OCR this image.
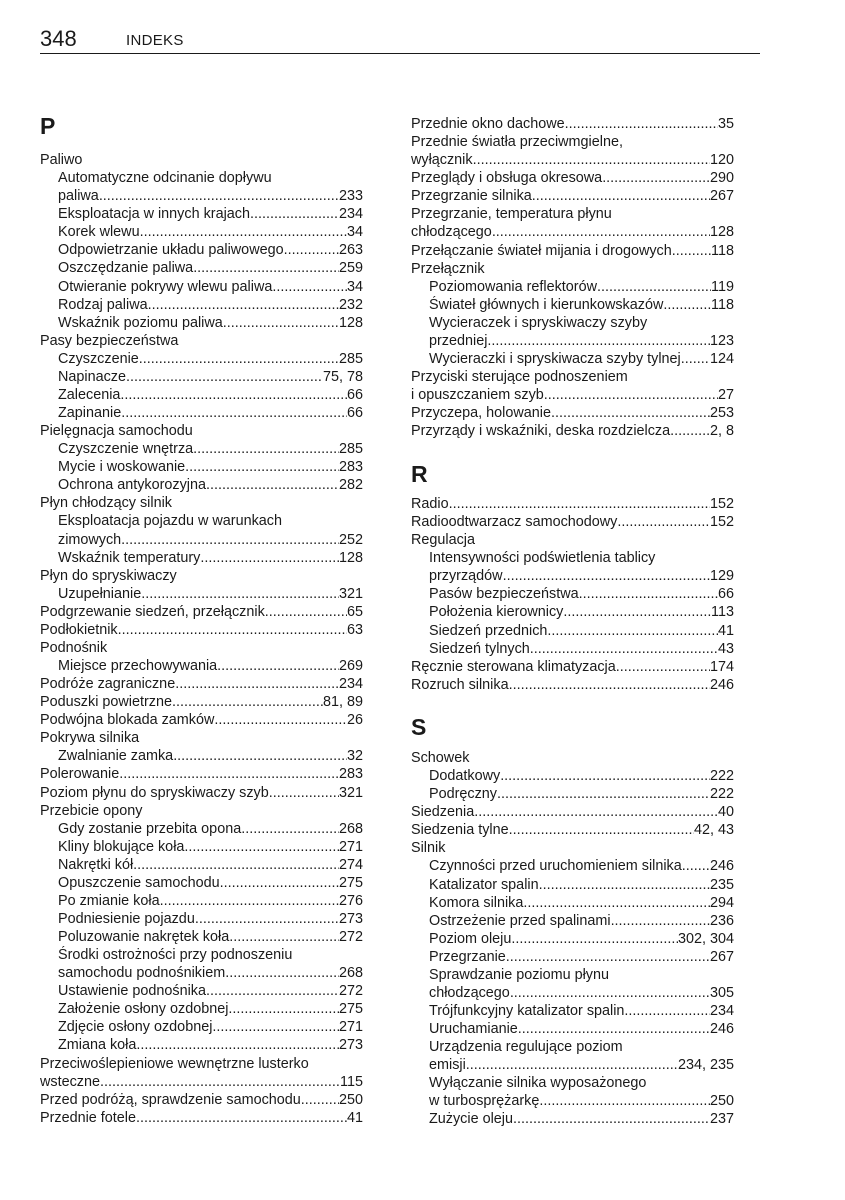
348	INDEKS
P
Paliwo
Automatyczne odcinanie dopływu
paliwa .....	233
Eksploatacja w innych krajach .....	234
Korek wlewu .....	34
Odpowietrzanie układu paliwowego .....	263
Oszczędzanie paliwa .....	259
Otwieranie pokrywy wlewu paliwa .....	34
Rodzaj paliwa .....	232
Wskaźnik poziomu paliwa .....	128
Pasy bezpieczeństwa
Czyszczenie .....	285
Napinacze .....	75, 78
Zalecenia .....	66
Zapinanie .....	66
Pielęgnacja samochodu
Czyszczenie wnętrza .....	285
Mycie i woskowanie .....	283
Ochrona antykorozyjna .....	282
Płyn chłodzący silnik
Eksploatacja pojazdu w warunkach
zimowych .....	252
Wskaźnik temperatury .....	128
Płyn do spryskiwaczy
Uzupełnianie .....	321
Podgrzewanie siedzeń, przełącznik .....	65
Podłokietnik .....	63
Podnośnik
Miejsce przechowywania .....	269
Podróże zagraniczne .....	234
Poduszki powietrzne .....	81, 89
Podwójna blokada zamków .....	26
Pokrywa silnika
Zwalnianie zamka .....	32
Polerowanie .....	283
Poziom płynu do spryskiwaczy szyb .....	321
Przebicie opony
Gdy zostanie przebita opona .....	268
Kliny blokujące koła .....	271
Nakrętki kół .....	274
Opuszczenie samochodu .....	275
Po zmianie koła .....	276
Podniesienie pojazdu .....	273
Poluzowanie nakrętek koła .....	272
Środki ostrożności przy podnoszeniu
samochodu podnośnikiem .....	268
Ustawienie podnośnika .....	272
Założenie osłony ozdobnej .....	275
Zdjęcie osłony ozdobnej .....	271
Zmiana koła .....	273
Przeciwoślepieniowe wewnętrzne lusterko
wsteczne .....	115
Przed podróżą, sprawdzenie samochodu .....	250
Przednie fotele .....	41
R
S
Przednie okno dachowe .....	35
Przednie światła przeciwmgielne,
wyłącznik .....	120
Przeglądy i obsługa okresowa .....	290
Przegrzanie silnika .....	267
Przegrzanie, temperatura płynu
chłodzącego .....	128
Przełączanie świateł mijania i drogowych .....	118
Przełącznik
Poziomowania reflektorów .....	119
Świateł głównych i kierunkowskazów .....	118
Wycieraczek i spryskiwaczy szyby
przedniej .....	123
Wycieraczki i spryskiwacza szyby tylnej ..... 124
Przyciski sterujące podnoszeniem
i opuszczaniem szyb .....	27
Przyczepa, holowanie .....	253
Przyrządy i wskaźniki, deska rozdzielcza .....	2, 8
Radio .....	152
Radioodtwarzacz samochodowy .....	152
Regulacja
Intensywności podświetlenia tablicy
przyrządów .....	129
Pasów bezpieczeństwa .....	66
Położenia kierownicy .....	113
Siedzeń przednich .....	41
Siedzeń tylnych .....	43
Ręcznie sterowana klimatyzacja .....	174
Rozruch silnika .....	246
Schowek
Dodatkowy .....	222
Podręczny .....	222
Siedzenia .....	40
Siedzenia tylne .....	42, 43
Silnik
Czynności przed uruchomieniem silnika ..... 246
Katalizator spalin .....	235
Komora silnika .....	294
Ostrzeżenie przed spalinami .....	236
Poziom oleju .....	302, 304
Przegrzanie .....	267
Sprawdzanie poziomu płynu
chłodzącego .....	305
Trójfunkcyjny katalizator spalin .....	234
Uruchamianie .....	246
Urządzenia regulujące poziom
emisji .....	234, 235
Wyłączanie silnika wyposażonego
w turbosprężarkę .....	250
Zużycie oleju .....	237
